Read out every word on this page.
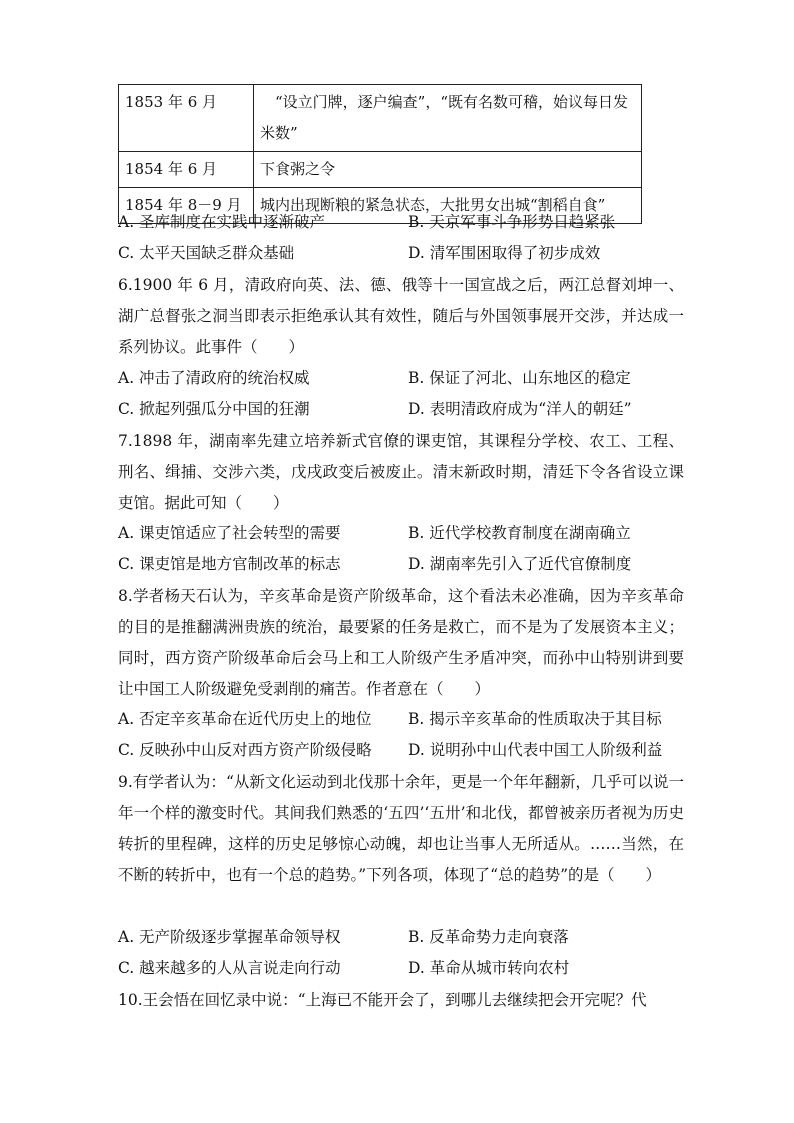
1853 年 6 月	“设立门牌，逐户编查”，“既有名数可稽，始议每日发米数”
1854 年 6 月	下食粥之令
1854 年 8－9 月	城内出现断粮的紧急状态，大批男女出城“割稻自食”
A. 圣库制度在实践中逐渐破产	B. 天京军事斗争形势日趋紧张
C. 太平天国缺乏群众基础	D. 清军围困取得了初步成效
6.1900 年 6 月，清政府向英、法、德、俄等十一国宣战之后，两江总督刘坤一、湖广总督张之洞当即表示拒绝承认其有效性，随后与外国领事展开交涉，并达成一系列协议。此事件（　　）
A. 冲击了清政府的统治权威	B. 保证了河北、山东地区的稳定
C. 掀起列强瓜分中国的狂潮	D. 表明清政府成为“洋人的朝廷”
7.1898 年，湖南率先建立培养新式官僚的课吏馆，其课程分学校、农工、工程、刑名、缉捕、交涉六类，戊戌政变后被废止。清末新政时期，清廷下令各省设立课吏馆。据此可知（　　）
A. 课吏馆适应了社会转型的需要	B. 近代学校教育制度在湖南确立
C. 课吏馆是地方官制改革的标志	D. 湖南率先引入了近代官僚制度
8.学者杨天石认为，辛亥革命是资产阶级革命，这个看法未必准确，因为辛亥革命的目的是推翻满洲贵族的统治，最要紧的任务是救亡，而不是为了发展资本主义；同时，西方资产阶级革命后会马上和工人阶级产生矛盾冲突，而孙中山特别讲到要让中国工人阶级避免受剥削的痛苦。作者意在（　　）
A. 否定辛亥革命在近代历史上的地位 B. 揭示辛亥革命的性质取决于其目标
C. 反映孙中山反对西方资产阶级侵略 D. 说明孙中山代表中国工人阶级利益
9.有学者认为：“从新文化运动到北伐那十余年，更是一个年年翻新，几乎可以说一年一个样的激变时代。其间我们熟悉的‘五四’‘五卅’和北伐，都曾被亲历者视为历史转折的里程碑，这样的历史足够惊心动魄，却也让当事人无所适从。……当然，在不断的转折中，也有一个总的趋势。”下列各项，体现了“总的趋势”的是（　　）
A. 无产阶级逐步掌握革命领导权	B. 反革命势力走向衰落
C. 越来越多的人从言说走向行动	D. 革命从城市转向农村
10.王会悟在回忆录中说：“上海已不能开会了，到哪儿去继续把会开完呢？代
